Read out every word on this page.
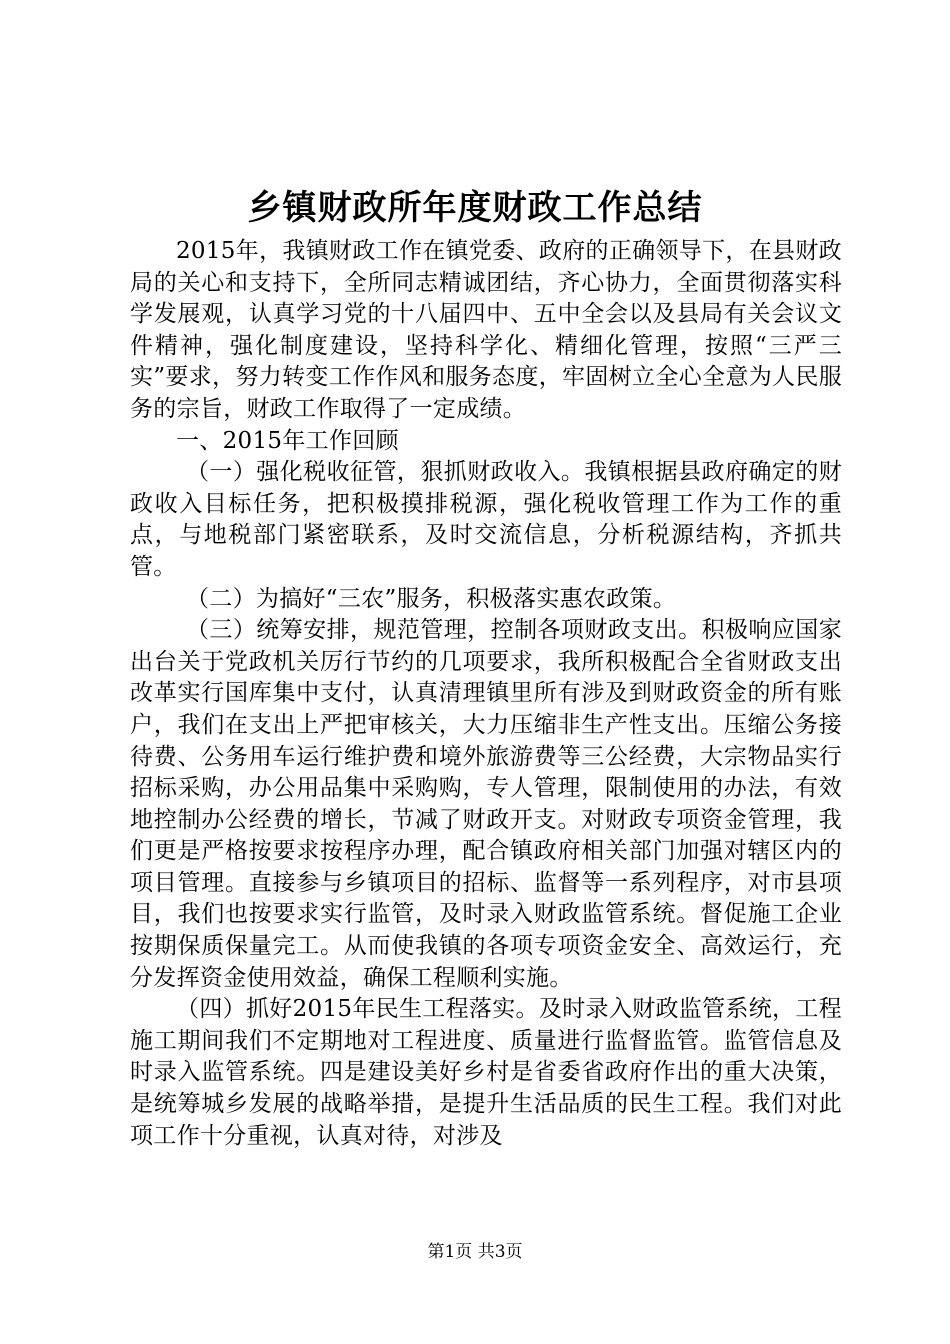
乡镇财政所年度财政工作总结

2015年，我镇财政工作在镇党委、政府的正确领导下，在县财政局的关心和支持下，全所同志精诚团结，齐心协力，全面贯彻落实科学发展观，认真学习党的十八届四中、五中全会以及县局有关会议文件精神，强化制度建设，坚持科学化、精细化管理，按照“三严三实”要求，努力转变工作作风和服务态度，牢固树立全心全意为人民服务的宗旨，财政工作取得了一定成绩。

一、2015年工作回顾

（一）强化税收征管，狠抓财政收入。我镇根据县政府确定的财政收入目标任务，把积极摸排税源，强化税收管理工作为工作的重点，与地税部门紧密联系，及时交流信息，分析税源结构，齐抓共管。

（二）为搞好“三农”服务，积极落实惠农政策。

（三）统筹安排，规范管理，控制各项财政支出。积极响应国家出台关于党政机关厉行节约的几项要求，我所积极配合全省财政支出改革实行国库集中支付，认真清理镇里所有涉及到财政资金的所有账户，我们在支出上严把审核关，大力压缩非生产性支出。压缩公务接待费、公务用车运行维护费和境外旅游费等三公经费，大宗物品实行招标采购，办公用品集中采购购，专人管理，限制使用的办法，有效地控制办公经费的增长，节减了财政开支。对财政专项资金管理，我们更是严格按要求按程序办理，配合镇政府相关部门加强对辖区内的项目管理。直接参与乡镇项目的招标、监督等一系列程序，对市县项目，我们也按要求实行监管，及时录入财政监管系统。督促施工企业按期保质保量完工。从而使我镇的各项专项资金安全、高效运行，充分发挥资金使用效益，确保工程顺利实施。

（四）抓好2015年民生工程落实。及时录入财政监管系统，工程施工期间我们不定期地对工程进度、质量进行监督监管。监管信息及时录入监管系统。四是建设美好乡村是省委省政府作出的重大决策，是统筹城乡发展的战略举措，是提升生活品质的民生工程。我们对此项工作十分重视，认真对待，对涉及

第1页 共3页
